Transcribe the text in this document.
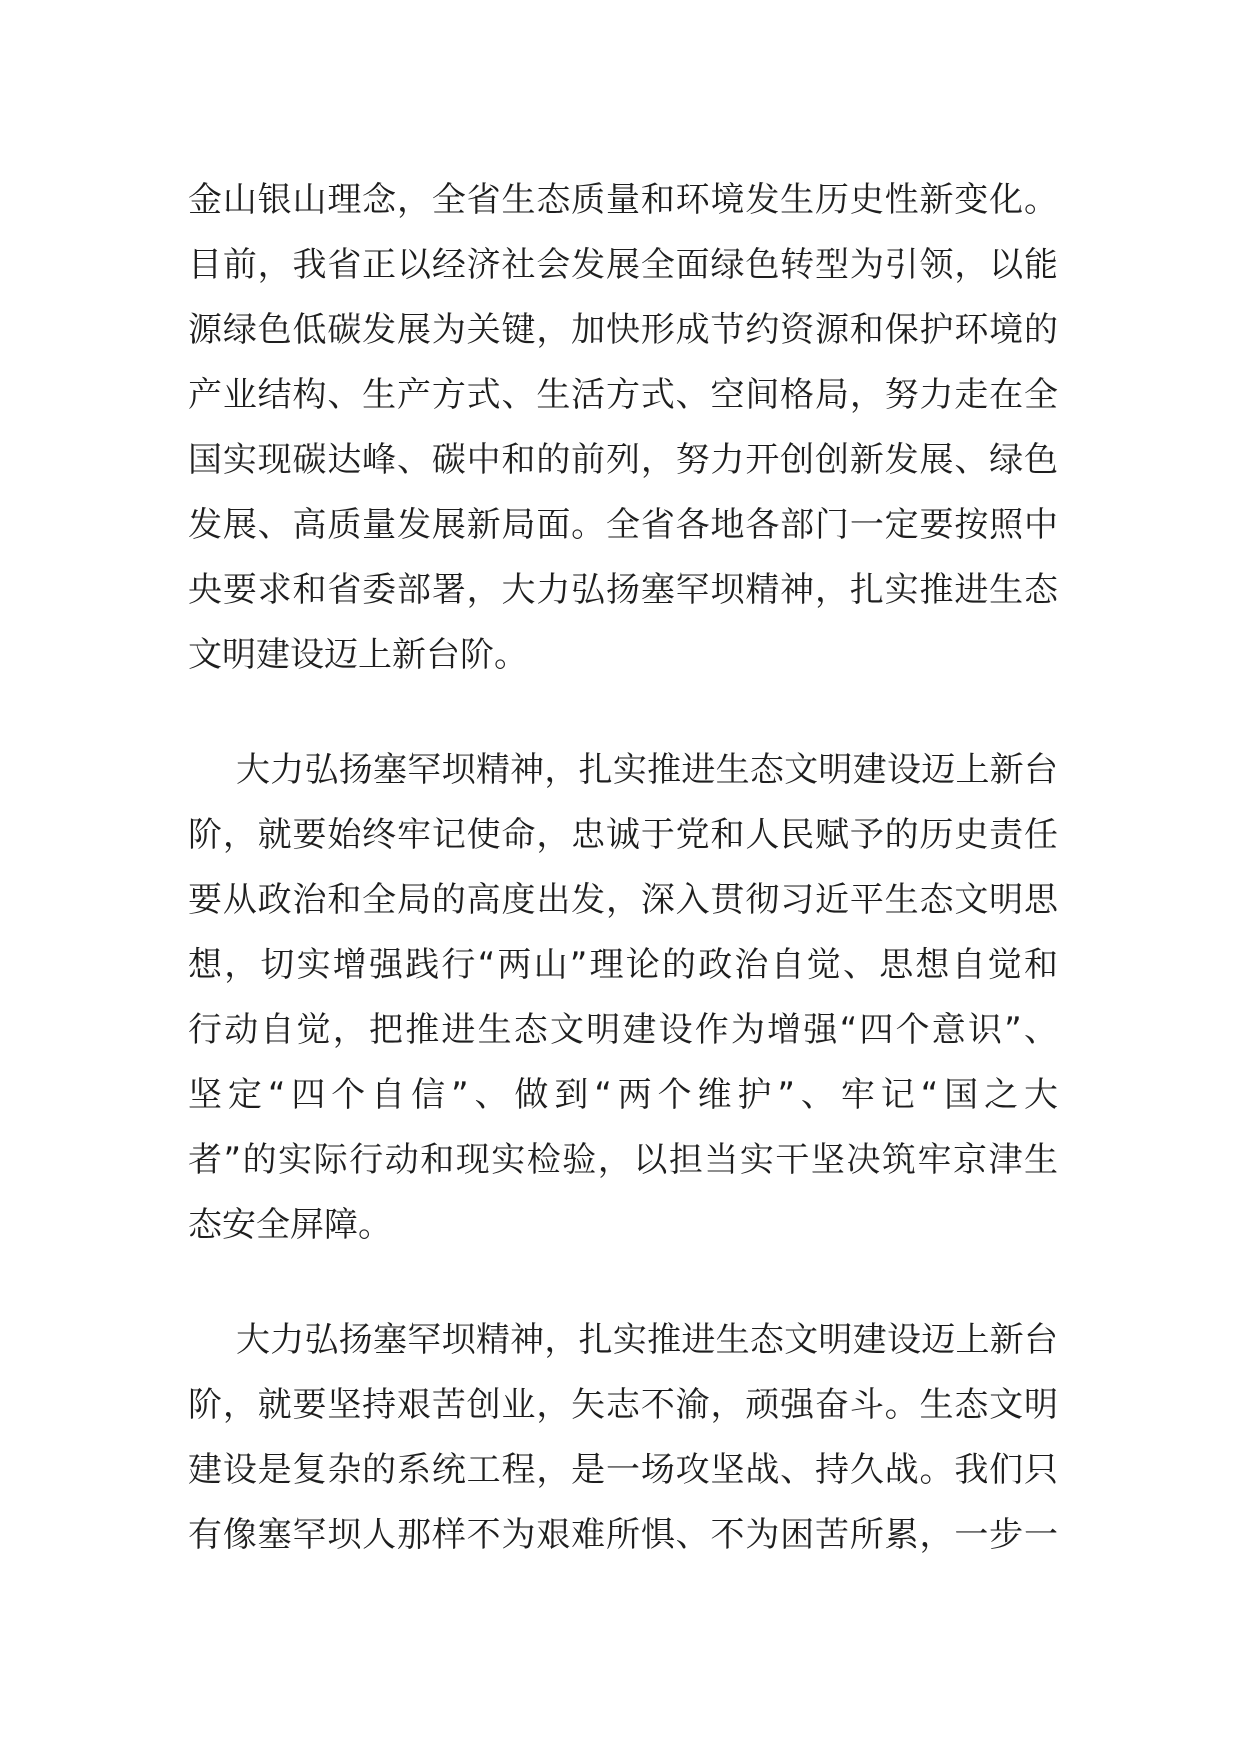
金山银山理念，全省生态质量和环境发生历史性新变化。
目前，我省正以经济社会发展全面绿色转型为引领，以能
源绿色低碳发展为关键，加快形成节约资源和保护环境的
产业结构、生产方式、生活方式、空间格局，努力走在全
国实现碳达峰、碳中和的前列，努力开创创新发展、绿色
发展、高质量发展新局面。全省各地各部门一定要按照中
央要求和省委部署，大力弘扬塞罕坝精神，扎实推进生态
文明建设迈上新台阶。

大力弘扬塞罕坝精神，扎实推进生态文明建设迈上新台
阶，就要始终牢记使命，忠诚于党和人民赋予的历史责任
要从政治和全局的高度出发，深入贯彻习近平生态文明思
想，切实增强践行“两山”理论的政治自觉、思想自觉和
行动自觉，把推进生态文明建设作为增强“四个意识”、
坚定“四个自信”、做到“两个维护”、牢记“国之大
者”的实际行动和现实检验，以担当实干坚决筑牢京津生
态安全屏障。

大力弘扬塞罕坝精神，扎实推进生态文明建设迈上新台
阶，就要坚持艰苦创业，矢志不渝，顽强奋斗。生态文明
建设是复杂的系统工程，是一场攻坚战、持久战。我们只
有像塞罕坝人那样不为艰难所惧、不为困苦所累，一步一
